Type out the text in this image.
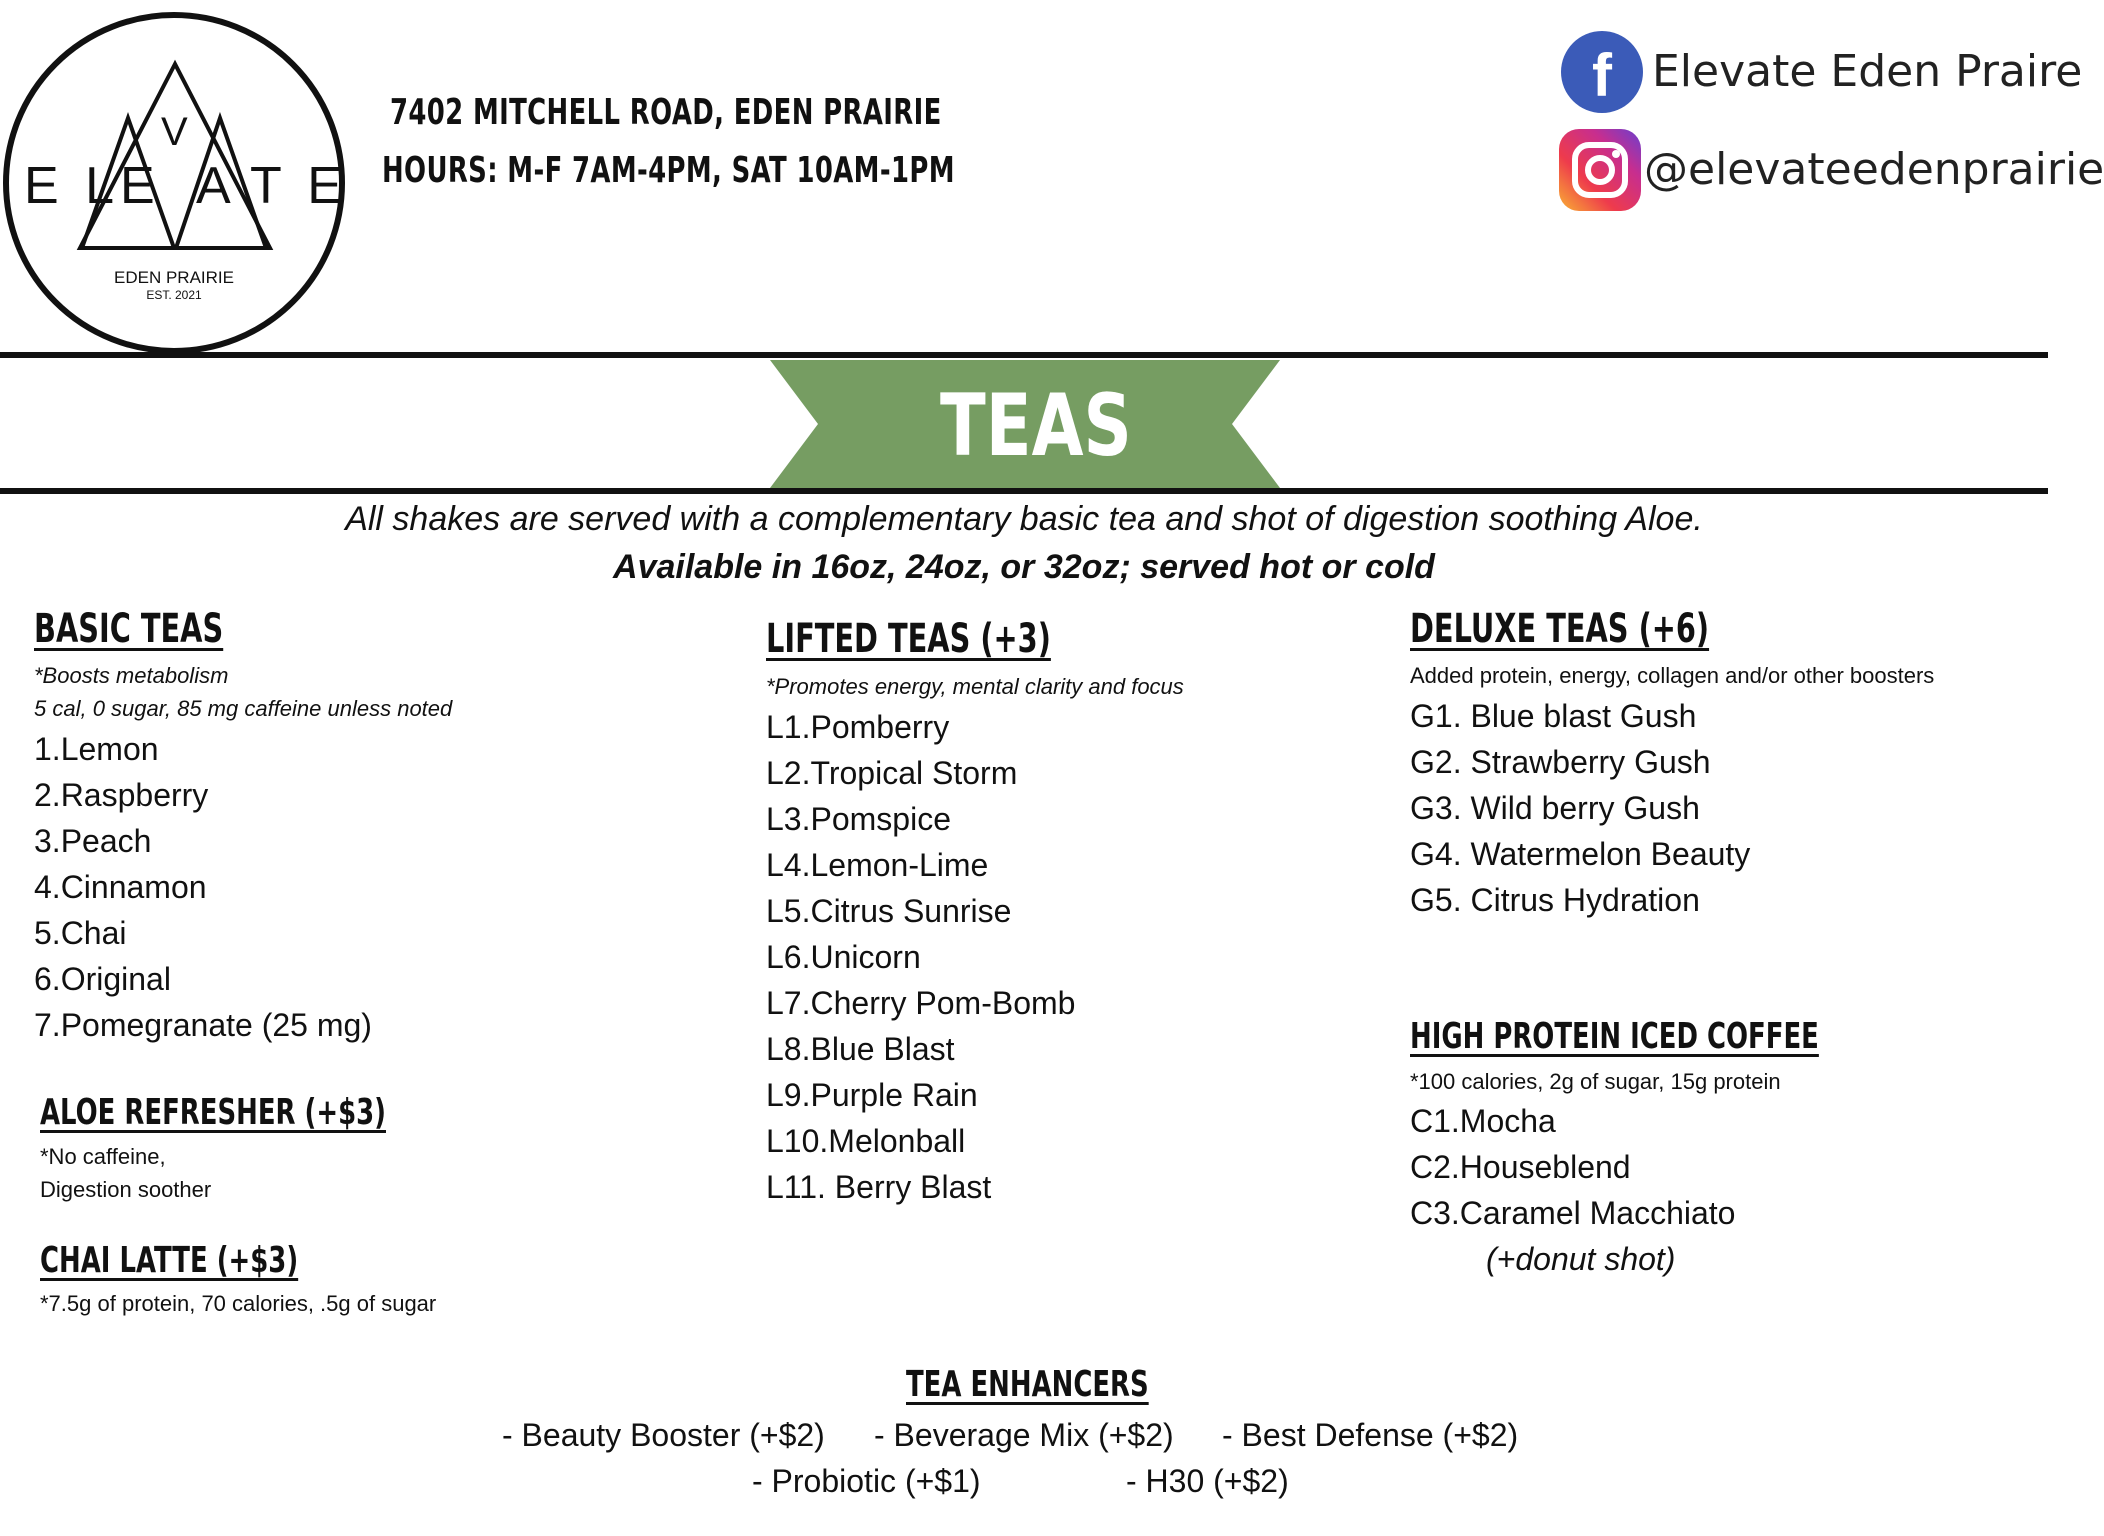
E L E
V
A T E
EDEN PRAIRIE
EST. 2021
7402 MITCHELL ROAD, EDEN PRAIRIE
HOURS: M-F 7AM-4PM, SAT 10AM-1PM
f Elevate Eden Praire
@elevateedenprairie
TEAS
All shakes are served with a complementary basic tea and shot of digestion soothing Aloe.
Available in 16oz, 24oz, or 32oz; served hot or cold
BASIC TEAS
*Boosts metabolism
5 cal, 0 sugar, 85 mg caffeine unless noted
1.Lemon
2.Raspberry
3.Peach
4.Cinnamon
5.Chai
6.Original
7.Pomegranate (25 mg)
ALOE REFRESHER (+$3)
*No caffeine,
Digestion soother
CHAI LATTE (+$3)
*7.5g of protein, 70 calories, .5g of sugar
LIFTED TEAS (+3)
*Promotes energy, mental clarity and focus
L1.Pomberry
L2.Tropical Storm
L3.Pomspice
L4.Lemon-Lime
L5.Citrus Sunrise
L6.Unicorn
L7.Cherry Pom-Bomb
L8.Blue Blast
L9.Purple Rain
L10.Melonball
L11. Berry Blast
DELUXE TEAS (+6)
Added protein, energy, collagen and/or other boosters
G1. Blue blast Gush
G2. Strawberry Gush
G3. Wild berry Gush
G4. Watermelon Beauty
G5. Citrus Hydration
HIGH PROTEIN ICED COFFEE
*100 calories, 2g of sugar, 15g protein
C1.Mocha
C2.Houseblend
C3.Caramel Macchiato
(+donut shot)
TEA ENHANCERS
- Beauty Booster (+$2) - Beverage Mix (+$2) - Best Defense (+$2)
- Probiotic (+$1)	- H30 (+$2)
